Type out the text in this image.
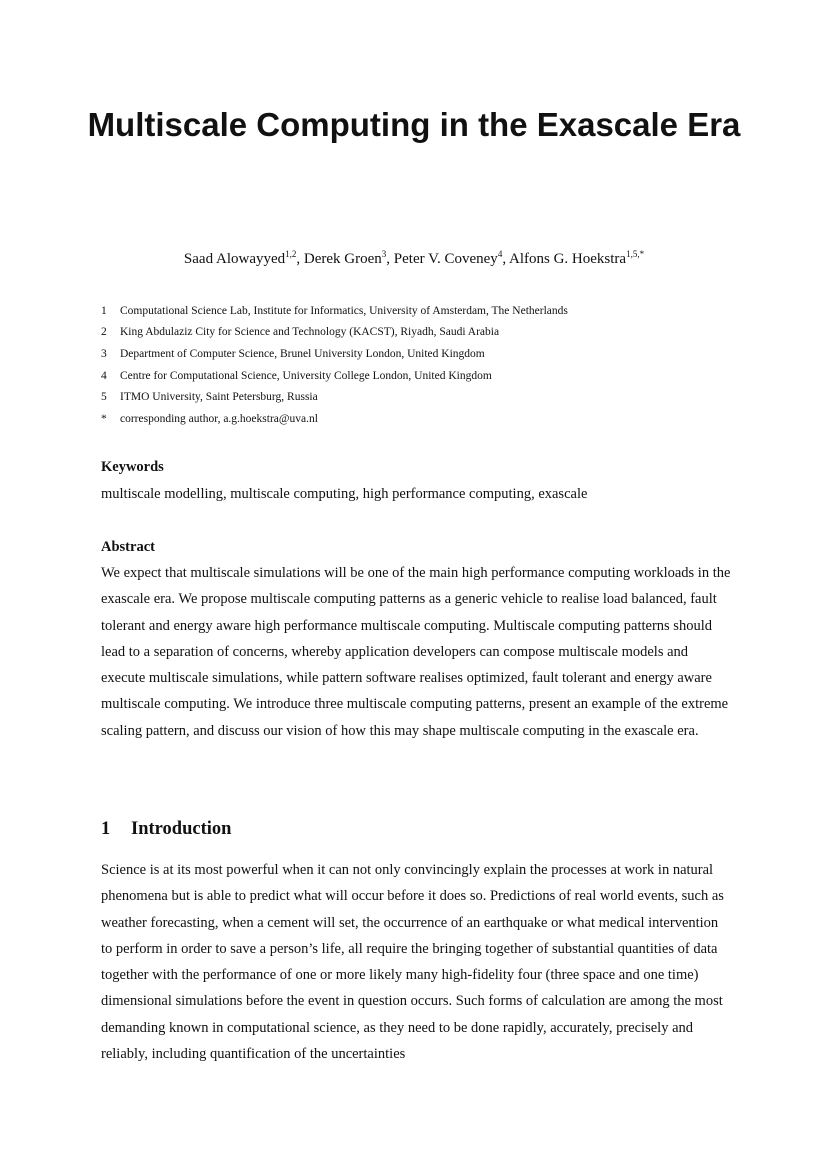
Multiscale Computing in the Exascale Era
Saad Alowayyed$^{1,2}$, Derek Groen$^3$, Peter V. Coveney$^4$, Alfons G. Hoekstra$^{1,5,*}$
1	Computational Science Lab, Institute for Informatics, University of Amsterdam, The Netherlands
2	King Abdulaziz City for Science and Technology (KACST), Riyadh, Saudi Arabia
3	Department of Computer Science, Brunel University London, United Kingdom
4	Centre for Computational Science, University College London, United Kingdom
5	ITMO University, Saint Petersburg, Russia
*	corresponding author, a.g.hoekstra@uva.nl
Keywords
multiscale modelling, multiscale computing, high performance computing, exascale
Abstract

We expect that multiscale simulations will be one of the main high performance computing workloads in the exascale era. We propose multiscale computing patterns as a generic vehicle to realise load balanced, fault tolerant and energy aware high performance multiscale computing. Multiscale computing patterns should lead to a separation of concerns, whereby application developers can compose multiscale models and execute multiscale simulations, while pattern software realises optimized, fault tolerant and energy aware multiscale computing. We introduce three multiscale computing patterns, present an example of the extreme scaling pattern, and discuss our vision of how this may shape multiscale computing in the exascale era.

1	Introduction

Science is at its most powerful when it can not only convincingly explain the processes at work in natural phenomena but is able to predict what will occur before it does so. Predictions of real world events, such as weather forecasting, when a cement will set, the occurrence of an earthquake or what medical intervention to perform in order to save a person’s life, all require the bringing together of substantial quantities of data together with the performance of one or more likely many high-fidelity four (three space and one time) dimensional simulations before the event in question occurs. Such forms of calculation are among the most demanding known in computational science, as they need to be done rapidly, accurately, precisely and reliably, including quantification of the uncertainties
